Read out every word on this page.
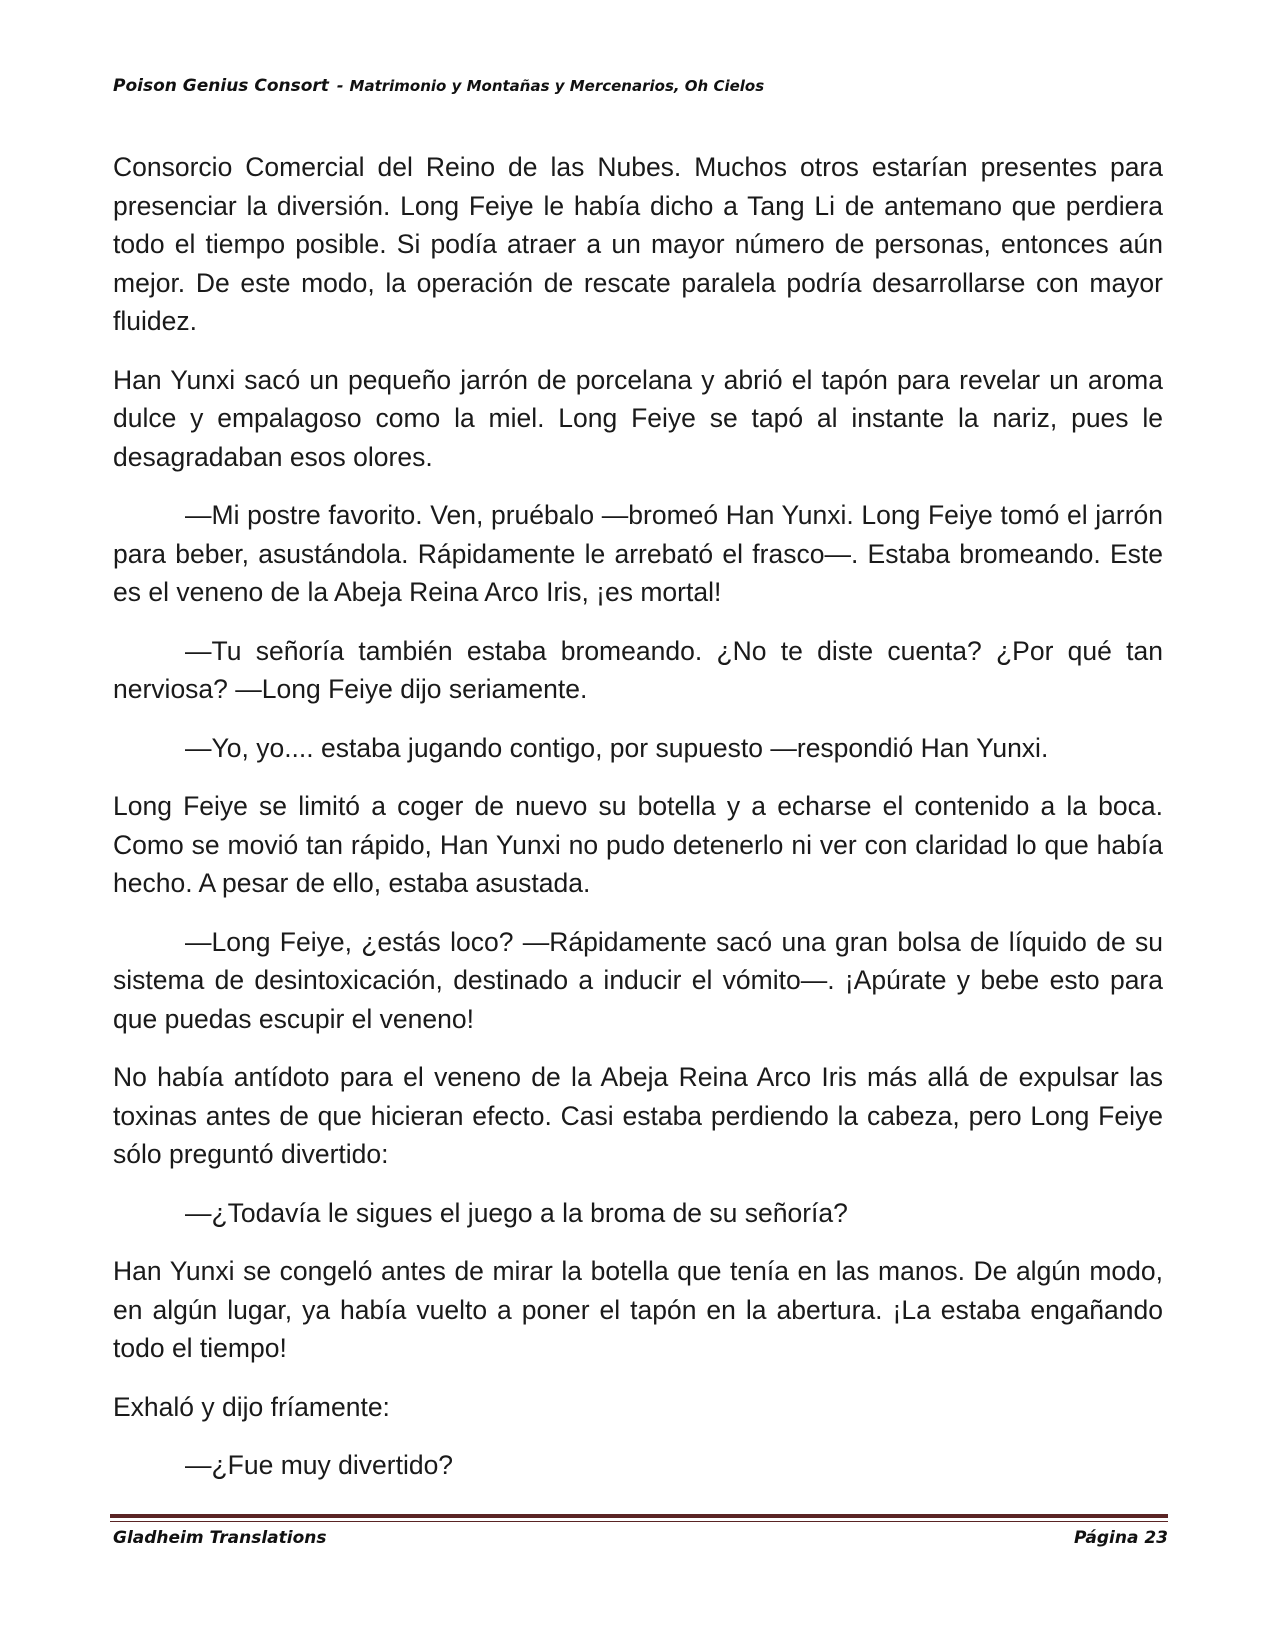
Poison Genius Consort - Matrimonio y Montañas y Mercenarios, Oh Cielos

Consorcio Comercial del Reino de las Nubes. Muchos otros estarían presentes para presenciar la diversión. Long Feiye le había dicho a Tang Li de antemano que perdiera todo el tiempo posible. Si podía atraer a un mayor número de personas, entonces aún mejor. De este modo, la operación de rescate paralela podría desarrollarse con mayor fluidez.

Han Yunxi sacó un pequeño jarrón de porcelana y abrió el tapón para revelar un aroma dulce y empalagoso como la miel. Long Feiye se tapó al instante la nariz, pues le desagradaban esos olores.

—Mi postre favorito. Ven, pruébalo —bromeó Han Yunxi. Long Feiye tomó el jarrón para beber, asustándola. Rápidamente le arrebató el frasco—. Estaba bromeando. Este es el veneno de la Abeja Reina Arco Iris, ¡es mortal!

—Tu señoría también estaba bromeando. ¿No te diste cuenta? ¿Por qué tan nerviosa? —Long Feiye dijo seriamente.

—Yo, yo.... estaba jugando contigo, por supuesto —respondió Han Yunxi.

Long Feiye se limitó a coger de nuevo su botella y a echarse el contenido a la boca. Como se movió tan rápido, Han Yunxi no pudo detenerlo ni ver con claridad lo que había hecho. A pesar de ello, estaba asustada.

—Long Feiye, ¿estás loco? —Rápidamente sacó una gran bolsa de líquido de su sistema de desintoxicación, destinado a inducir el vómito—. ¡Apúrate y bebe esto para que puedas escupir el veneno!

No había antídoto para el veneno de la Abeja Reina Arco Iris más allá de expulsar las toxinas antes de que hicieran efecto. Casi estaba perdiendo la cabeza, pero Long Feiye sólo preguntó divertido:

—¿Todavía le sigues el juego a la broma de su señoría?

Han Yunxi se congeló antes de mirar la botella que tenía en las manos. De algún modo, en algún lugar, ya había vuelto a poner el tapón en la abertura. ¡La estaba engañando todo el tiempo!

Exhaló y dijo fríamente:

—¿Fue muy divertido?

Gladheim Translations	Página 23
